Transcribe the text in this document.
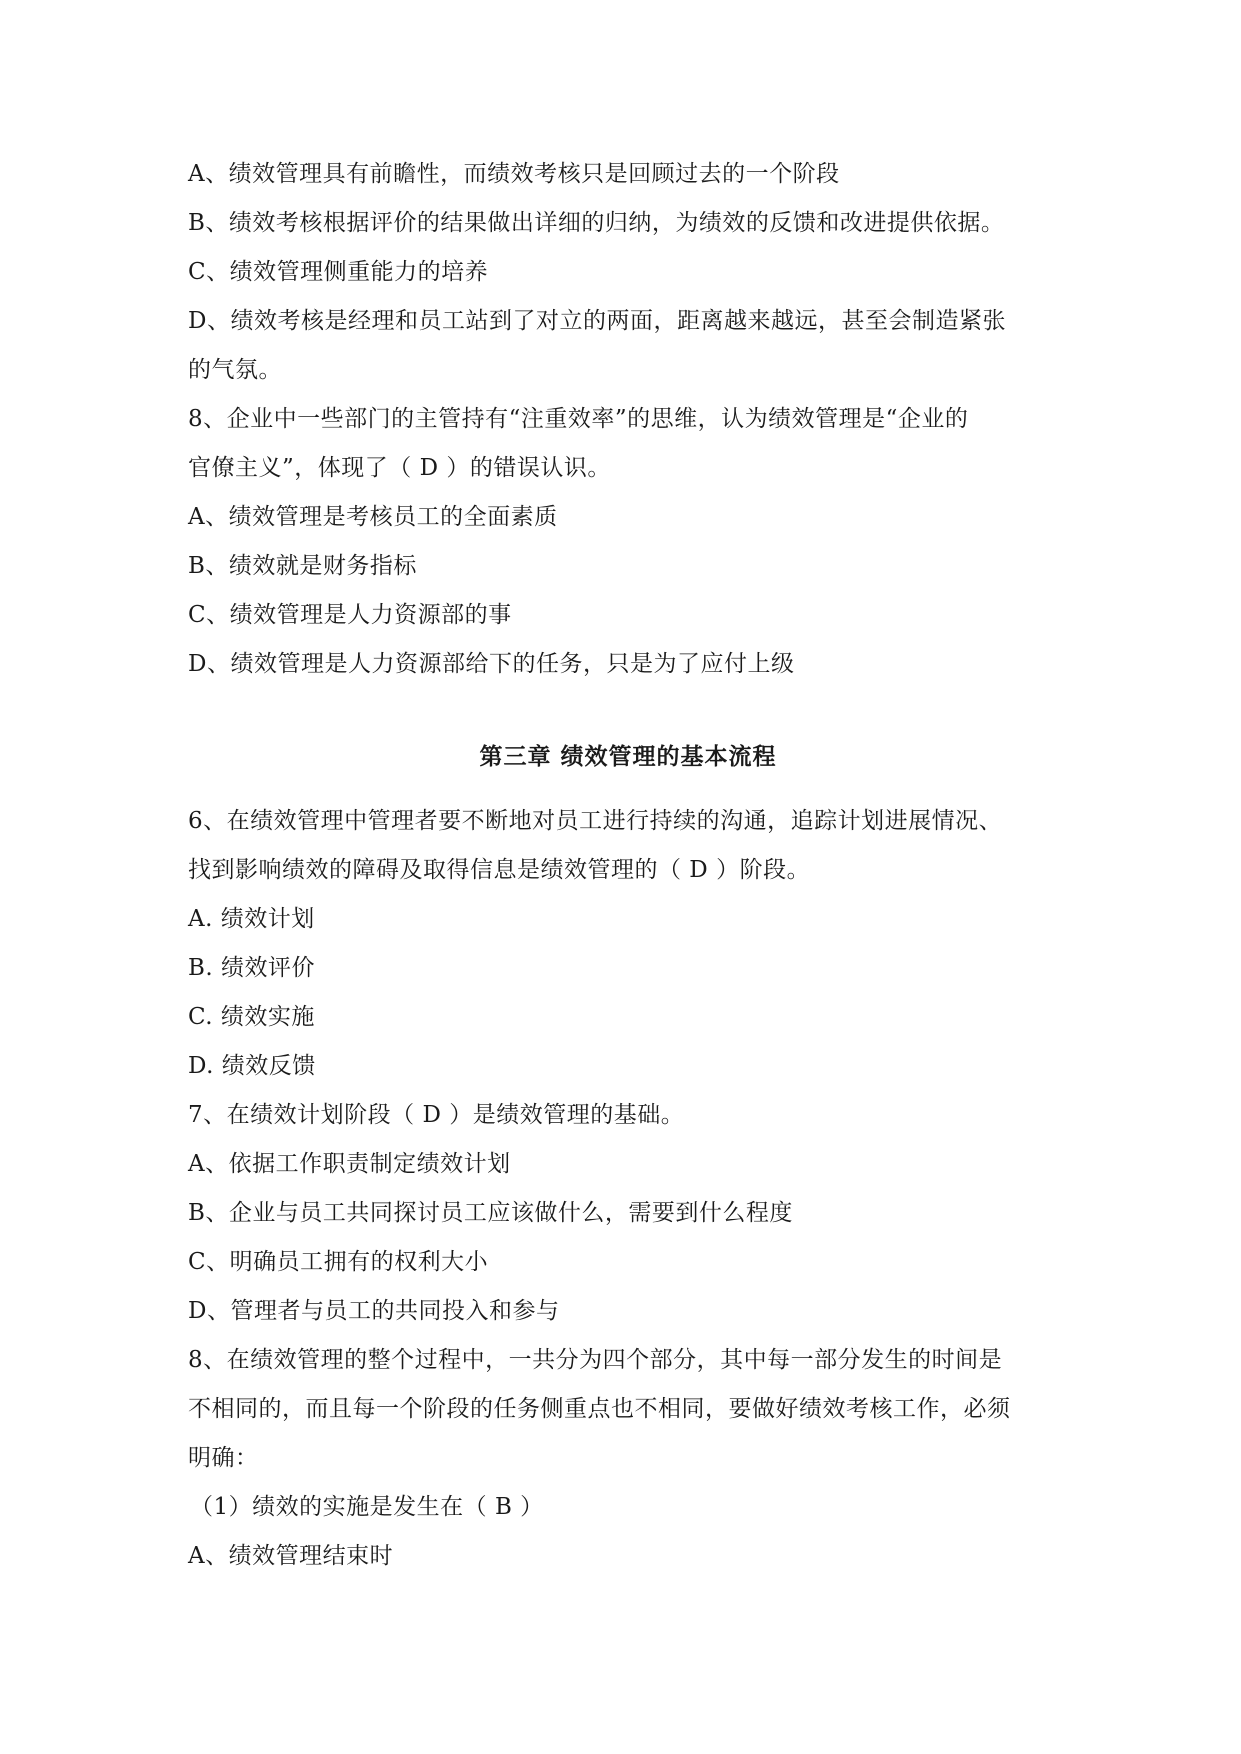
A、绩效管理具有前瞻性，而绩效考核只是回顾过去的一个阶段
B、绩效考核根据评价的结果做出详细的归纳，为绩效的反馈和改进提供依据。
C、绩效管理侧重能力的培养
D、绩效考核是经理和员工站到了对立的两面，距离越来越远，甚至会制造紧张
的气氛。
8、企业中一些部门的主管持有“注重效率”的思维，认为绩效管理是“企业的
官僚主义”，体现了（ D ）的错误认识。
A、绩效管理是考核员工的全面素质
B、绩效就是财务指标
C、绩效管理是人力资源部的事
D、绩效管理是人力资源部给下的任务，只是为了应付上级
第三章 绩效管理的基本流程
6、在绩效管理中管理者要不断地对员工进行持续的沟通，追踪计划进展情况、
找到影响绩效的障碍及取得信息是绩效管理的（ D ）阶段。
A. 绩效计划
B. 绩效评价
C. 绩效实施
D. 绩效反馈
7、在绩效计划阶段（ D ）是绩效管理的基础。
A、依据工作职责制定绩效计划
B、企业与员工共同探讨员工应该做什么，需要到什么程度
C、明确员工拥有的权利大小
D、管理者与员工的共同投入和参与
8、在绩效管理的整个过程中，一共分为四个部分，其中每一部分发生的时间是
不相同的，而且每一个阶段的任务侧重点也不相同，要做好绩效考核工作，必须
明确：
（1）绩效的实施是发生在（ B ）
A、绩效管理结束时
